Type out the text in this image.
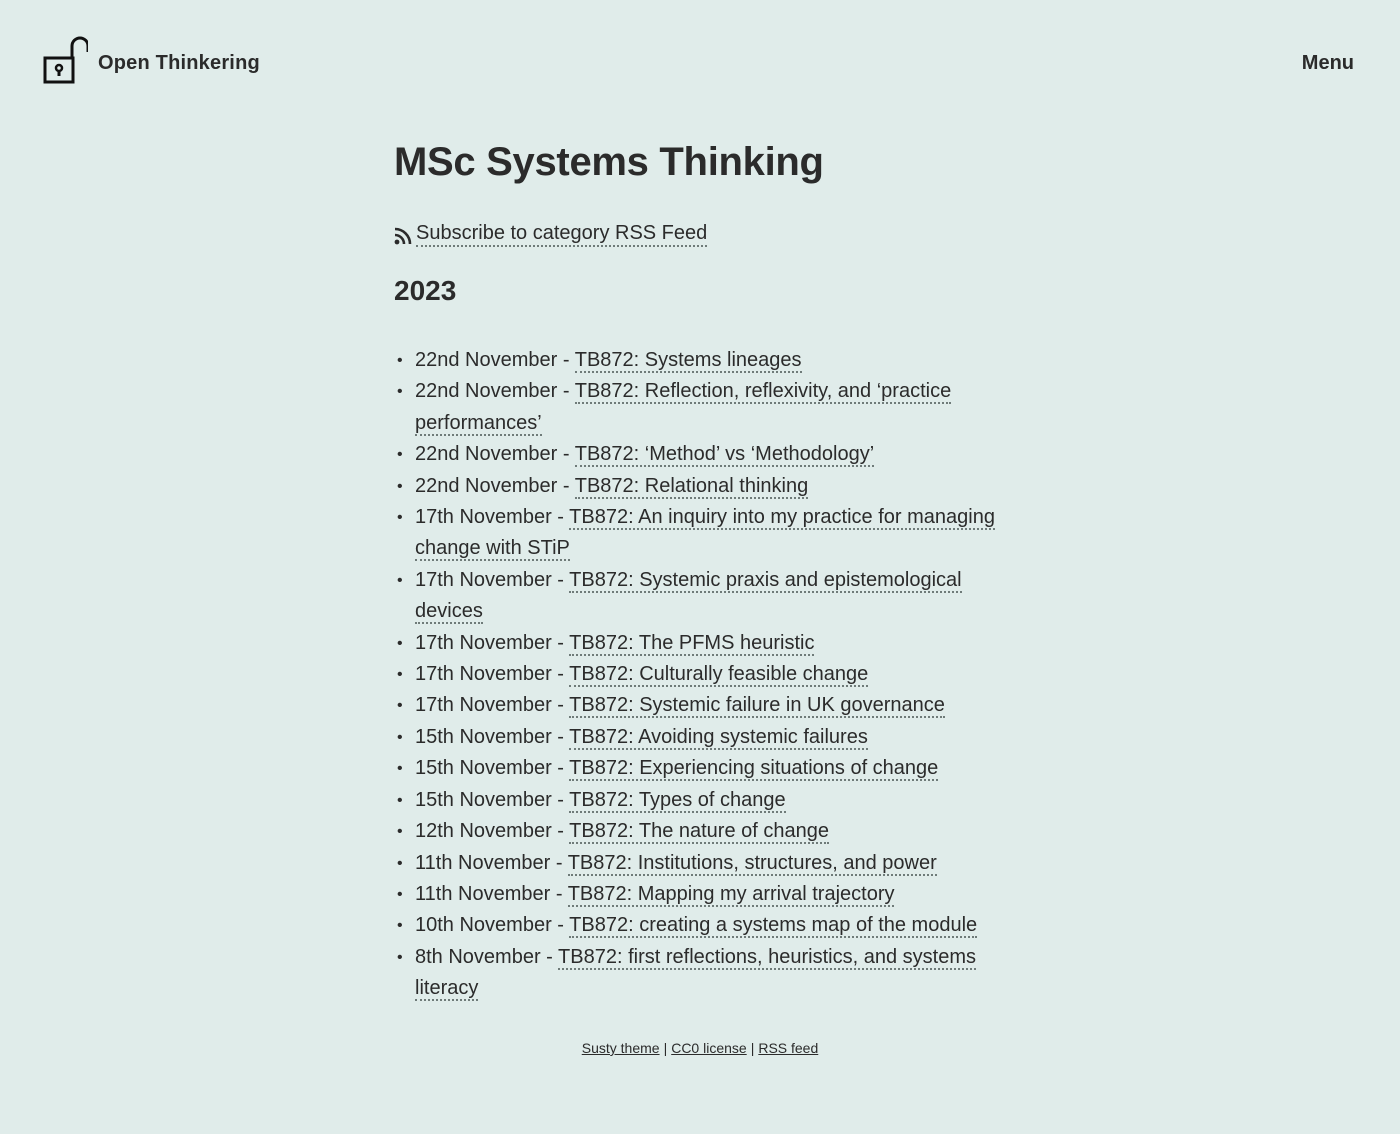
Open Thinkering	Menu
MSc Systems Thinking
Subscribe to category RSS Feed
2023
• 22nd November - TB872: Systems lineages
• 22nd November - TB872: Reflection, reflexivity, and ‘practice performances’
• 22nd November - TB872: ‘Method’ vs ‘Methodology’
• 22nd November - TB872: Relational thinking
• 17th November - TB872: An inquiry into my practice for managing change with STiP
• 17th November - TB872: Systemic praxis and epistemological devices
• 17th November - TB872: The PFMS heuristic
• 17th November - TB872: Culturally feasible change
• 17th November - TB872: Systemic failure in UK governance
• 15th November - TB872: Avoiding systemic failures
• 15th November - TB872: Experiencing situations of change
• 15th November - TB872: Types of change
• 12th November - TB872: The nature of change
• 11th November - TB872: Institutions, structures, and power
• 11th November - TB872: Mapping my arrival trajectory
• 10th November - TB872: creating a systems map of the module
• 8th November - TB872: first reflections, heuristics, and systems literacy
Susty theme | CC0 license | RSS feed
